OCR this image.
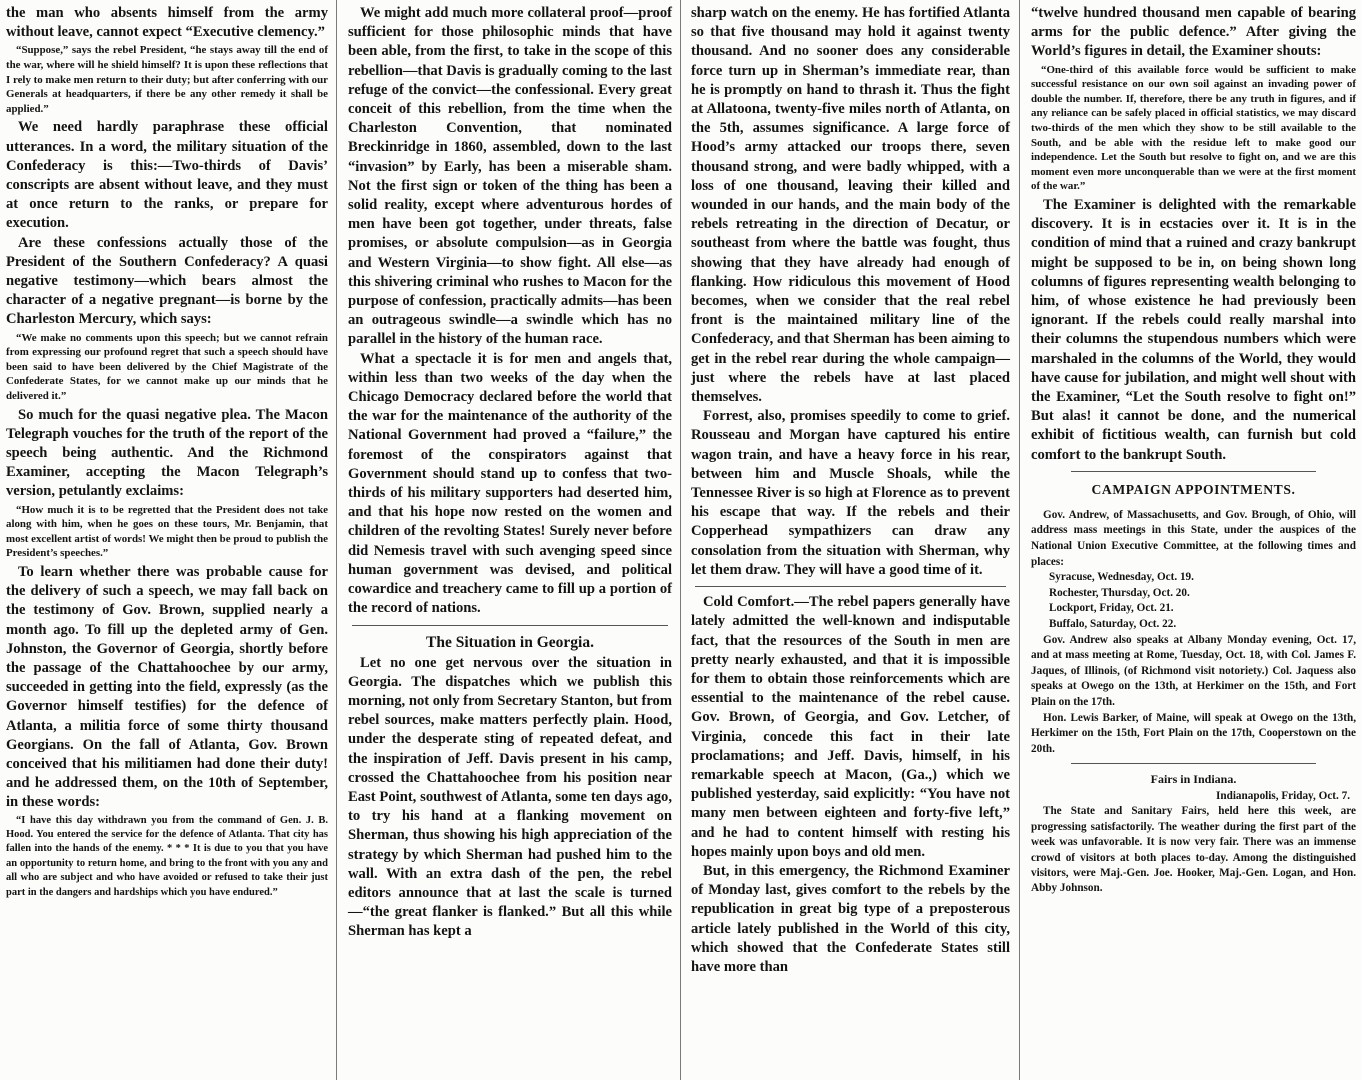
the man who absents himself from the army without leave, cannot expect “Executive clemency.”

“Suppose,” says the rebel President, “he stays away till the end of the war, where will he shield himself? It is upon these reflections that I rely to make men return to their duty; but after conferring with our Generals at headquarters, if there be any other remedy it shall be applied.”

We need hardly paraphrase these official utterances. In a word, the military situation of the Confederacy is this:—Two-thirds of Davis’ conscripts are absent without leave, and they must at once return to the ranks, or prepare for execution.

Are these confessions actually those of the President of the Southern Confederacy? A quasi negative testimony—which bears almost the character of a negative pregnant—is borne by the Charleston Mercury, which says:

“We make no comments upon this speech; but we cannot refrain from expressing our profound regret that such a speech should have been said to have been delivered by the Chief Magistrate of the Confederate States, for we cannot make up our minds that he delivered it.”

So much for the quasi negative plea. The Macon Telegraph vouches for the truth of the report of the speech being authentic. And the Richmond Examiner, accepting the Macon Telegraph’s version, petulantly exclaims:

“How much it is to be regretted that the President does not take along with him, when he goes on these tours, Mr. Benjamin, that most excellent artist of words! We might then be proud to publish the President’s speeches.”

To learn whether there was probable cause for the delivery of such a speech, we may fall back on the testimony of Gov. Brown, supplied nearly a month ago. To fill up the depleted army of Gen. Johnston, the Governor of Georgia, shortly before the passage of the Chattahoochee by our army, succeeded in getting into the field, expressly (as the Governor himself testifies) for the defence of Atlanta, a militia force of some thirty thousand Georgians. On the fall of Atlanta, Gov. Brown conceived that his militiamen had done their duty! and he addressed them, on the 10th of September, in these words:

“I have this day withdrawn you from the command of Gen. J. B. Hood. You entered the service for the defence of Atlanta. That city has fallen into the hands of the enemy. * * * It is due to you that you have an opportunity to return home, and bring to the front with you any and all who are subject and who have avoided or refused to take their just part in the dangers and hardships which you have endured.”

We might add much more collateral proof—proof sufficient for those philosophic minds that have been able, from the first, to take in the scope of this rebellion—that Davis is gradually coming to the last refuge of the convict—the confessional. Every great conceit of this rebellion, from the time when the Charleston Convention, that nominated Breckinridge in 1860, assembled, down to the last “invasion” by Early, has been a miserable sham. Not the first sign or token of the thing has been a solid reality, except where adventurous hordes of men have been got together, under threats, false promises, or absolute compulsion—as in Georgia and Western Virginia—to show fight. All else—as this shivering criminal who rushes to Macon for the purpose of confession, practically admits—has been an outrageous swindle—a swindle which has no parallel in the history of the human race.

What a spectacle it is for men and angels that, within less than two weeks of the day when the Chicago Democracy declared before the world that the war for the maintenance of the authority of the National Government had proved a “failure,” the foremost of the conspirators against that Government should stand up to confess that two-thirds of his military supporters had deserted him, and that his hope now rested on the women and children of the revolting States! Surely never before did Nemesis travel with such avenging speed since human government was devised, and political cowardice and treachery came to fill up a portion of the record of nations.

The Situation in Georgia.

Let no one get nervous over the situation in Georgia. The dispatches which we publish this morning, not only from Secretary Stanton, but from rebel sources, make matters perfectly plain. Hood, under the desperate sting of repeated defeat, and the inspiration of Jeff. Davis present in his camp, crossed the Chattahoochee from his position near East Point, southwest of Atlanta, some ten days ago, to try his hand at a flanking movement on Sherman, thus showing his high appreciation of the strategy by which Sherman had pushed him to the wall. With an extra dash of the pen, the rebel editors announce that at last the scale is turned—“the great flanker is flanked.” But all this while Sherman has kept a

sharp watch on the enemy. He has fortified Atlanta so that five thousand may hold it against twenty thousand. And no sooner does any considerable force turn up in Sherman’s immediate rear, than he is promptly on hand to thrash it. Thus the fight at Allatoona, twenty-five miles north of Atlanta, on the 5th, assumes significance. A large force of Hood’s army attacked our troops there, seven thousand strong, and were badly whipped, with a loss of one thousand, leaving their killed and wounded in our hands, and the main body of the rebels retreating in the direction of Decatur, or southeast from where the battle was fought, thus showing that they have already had enough of flanking. How ridiculous this movement of Hood becomes, when we consider that the real rebel front is the maintained military line of the Confederacy, and that Sherman has been aiming to get in the rebel rear during the whole campaign—just where the rebels have at last placed themselves.

Forrest, also, promises speedily to come to grief. Rousseau and Morgan have captured his entire wagon train, and have a heavy force in his rear, between him and Muscle Shoals, while the Tennessee River is so high at Florence as to prevent his escape that way. If the rebels and their Copperhead sympathizers can draw any consolation from the situation with Sherman, why let them draw. They will have a good time of it.

Cold Comfort.—The rebel papers generally have lately admitted the well-known and indisputable fact, that the resources of the South in men are pretty nearly exhausted, and that it is impossible for them to obtain those reinforcements which are essential to the maintenance of the rebel cause. Gov. Brown, of Georgia, and Gov. Letcher, of Virginia, concede this fact in their late proclamations; and Jeff. Davis, himself, in his remarkable speech at Macon, (Ga.,) which we published yesterday, said explicitly: “You have not many men between eighteen and forty-five left,” and he had to content himself with resting his hopes mainly upon boys and old men.

But, in this emergency, the Richmond Examiner of Monday last, gives comfort to the rebels by the republication in great big type of a preposterous article lately published in the World of this city, which showed that the Confederate States still have more than

“twelve hundred thousand men capable of bearing arms for the public defence.” After giving the World’s figures in detail, the Examiner shouts:

“One-third of this available force would be sufficient to make successful resistance on our own soil against an invading power of double the number. If, therefore, there be any truth in figures, and if any reliance can be safely placed in official statistics, we may discard two-thirds of the men which they show to be still available to the South, and be able with the residue left to make good our independence. Let the South but resolve to fight on, and we are this moment even more unconquerable than we were at the first moment of the war.”

The Examiner is delighted with the remarkable discovery. It is in ecstacies over it. It is in the condition of mind that a ruined and crazy bankrupt might be supposed to be in, on being shown long columns of figures representing wealth belonging to him, of whose existence he had previously been ignorant. If the rebels could really marshal into their columns the stupendous numbers which were marshaled in the columns of the World, they would have cause for jubilation, and might well shout with the Examiner, “Let the South resolve to fight on!” But alas! it cannot be done, and the numerical exhibit of fictitious wealth, can furnish but cold comfort to the bankrupt South.

CAMPAIGN APPOINTMENTS.
Gov. Andrew, of Massachusetts, and Gov. Brough, of Ohio, will address mass meetings in this State, under the auspices of the National Union Executive Committee, at the following times and places:
Syracuse, Wednesday, Oct. 19.
Rochester, Thursday, Oct. 20.
Lockport, Friday, Oct. 21.
Buffalo, Saturday, Oct. 22.
Gov. Andrew also speaks at Albany Monday evening, Oct. 17, and at mass meeting at Rome, Tuesday, Oct. 18, with Col. James F. Jaques, of Illinois, (of Richmond visit notoriety.) Col. Jaquess also speaks at Owego on the 13th, at Herkimer on the 15th, and Fort Plain on the 17th.
Hon. Lewis Barker, of Maine, will speak at Owego on the 13th, Herkimer on the 15th, Fort Plain on the 17th, Cooperstown on the 20th.
Fairs in Indiana.
Indianapolis, Friday, Oct. 7.
The State and Sanitary Fairs, held here this week, are progressing satisfactorily. The weather during the first part of the week was unfavorable. It is now very fair. There was an immense crowd of visitors at both places to-day. Among the distinguished visitors, were Maj.-Gen. Joe. Hooker, Maj.-Gen. Logan, and Hon. Abby Johnson.
